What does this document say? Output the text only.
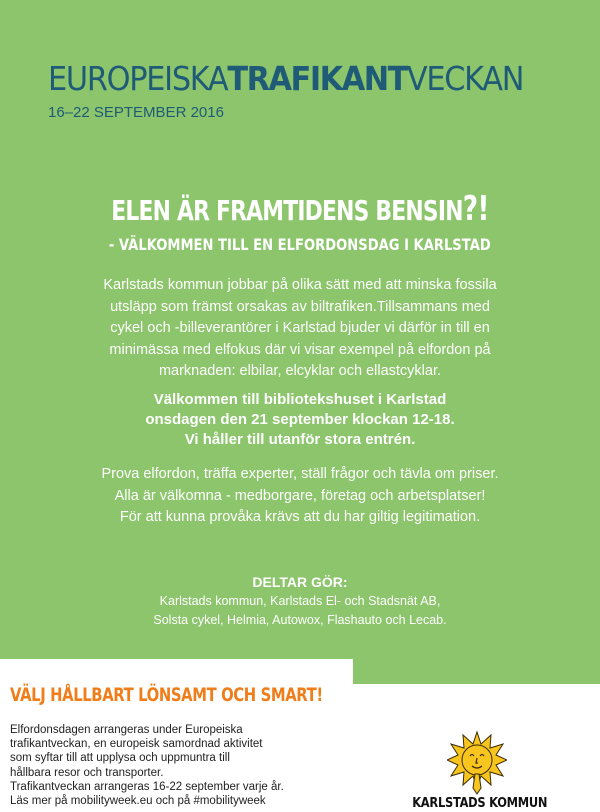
EUROPEISKATRAFIKANTVECKAN
16–22 SEPTEMBER 2016
ELEN ÄR FRAMTIDENS BENSIN?!
- VÄLKOMMEN TILL EN ELFORDONSDAG I KARLSTAD
Karlstads kommun jobbar på olika sätt med att minska fossila
utsläpp som främst orsakas av biltrafiken.Tillsammans med
cykel och -billeverantörer i Karlstad bjuder vi därför in till en
minimässa med elfokus där vi visar exempel på elfordon på
marknaden: elbilar, elcyklar och ellastcyklar.
Välkommen till bibliotekshuset i Karlstad
onsdagen den 21 september klockan 12-18.
Vi håller till utanför stora entrén.
Prova elfordon, träffa experter, ställ frågor och tävla om priser.
Alla är välkomna - medborgare, företag och arbetsplatser!
För att kunna provåka krävs att du har giltig legitimation.
DELTAR GÖR:
Karlstads kommun, Karlstads El- och Stadsnät AB,
Solsta cykel, Helmia, Autowox, Flashauto och Lecab.
VÄLJ HÅLLBART LÖNSAMT OCH SMART!
Elfordonsdagen arrangeras under Europeiska
trafikantveckan, en europeisk samordnad aktivitet
som syftar till att upplysa och uppmuntra till
hållbara resor och transporter.
Trafikantveckan arrangeras 16-22 september varje år.
Läs mer på mobilityweek.eu och på #mobilityweek	KARLSTADS KOMMUN
